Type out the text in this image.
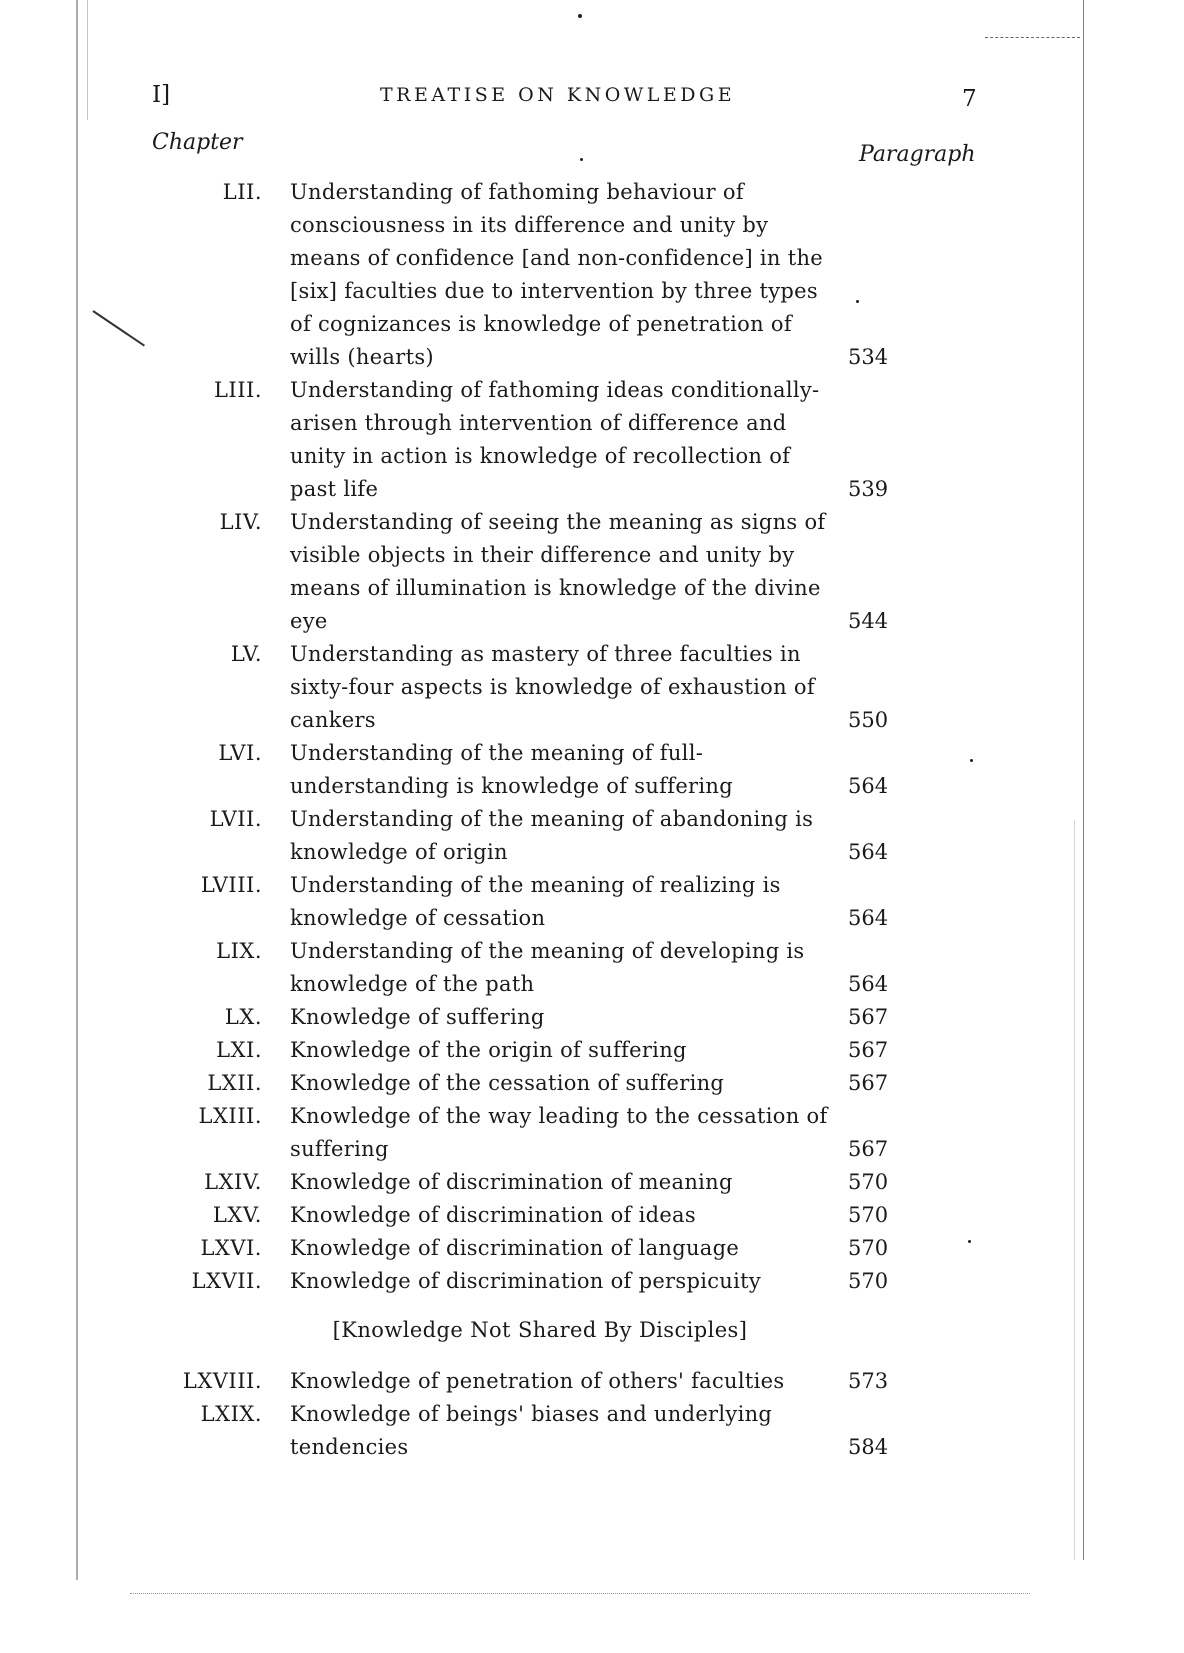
I]	TREATISE ON KNOWLEDGE	7
Chapter	Paragraph
LII. Understanding of fathoming behaviour of consciousness in its difference and unity by means of confidence [and non-confidence] in the [six] faculties due to intervention by three types of cognizances is knowledge of penetration of wills (hearts)	534
LIII. Understanding of fathoming ideas conditionally-arisen through intervention of difference and unity in action is knowledge of recollection of past life	539
LIV. Understanding of seeing the meaning as signs of visible objects in their difference and unity by means of illumination is knowledge of the divine eye	544
LV. Understanding as mastery of three faculties in sixty-four aspects is knowledge of exhaustion of cankers	550
LVI. Understanding of the meaning of full-understanding is knowledge of suffering	564
LVII. Understanding of the meaning of abandoning is knowledge of origin	564
LVIII. Understanding of the meaning of realizing is knowledge of cessation	564
LIX. Understanding of the meaning of developing is knowledge of the path	564
LX. Knowledge of suffering	567
LXI. Knowledge of the origin of suffering	567
LXII. Knowledge of the cessation of suffering	567
LXIII. Knowledge of the way leading to the cessation of suffering	567
LXIV. Knowledge of discrimination of meaning	570
LXV. Knowledge of discrimination of ideas	570
LXVI. Knowledge of discrimination of language	570
LXVII. Knowledge of discrimination of perspicuity	570
[Knowledge Not Shared By Disciples]
LXVIII. Knowledge of penetration of others' faculties	573
LXIX. Knowledge of beings' biases and underlying tendencies	584
